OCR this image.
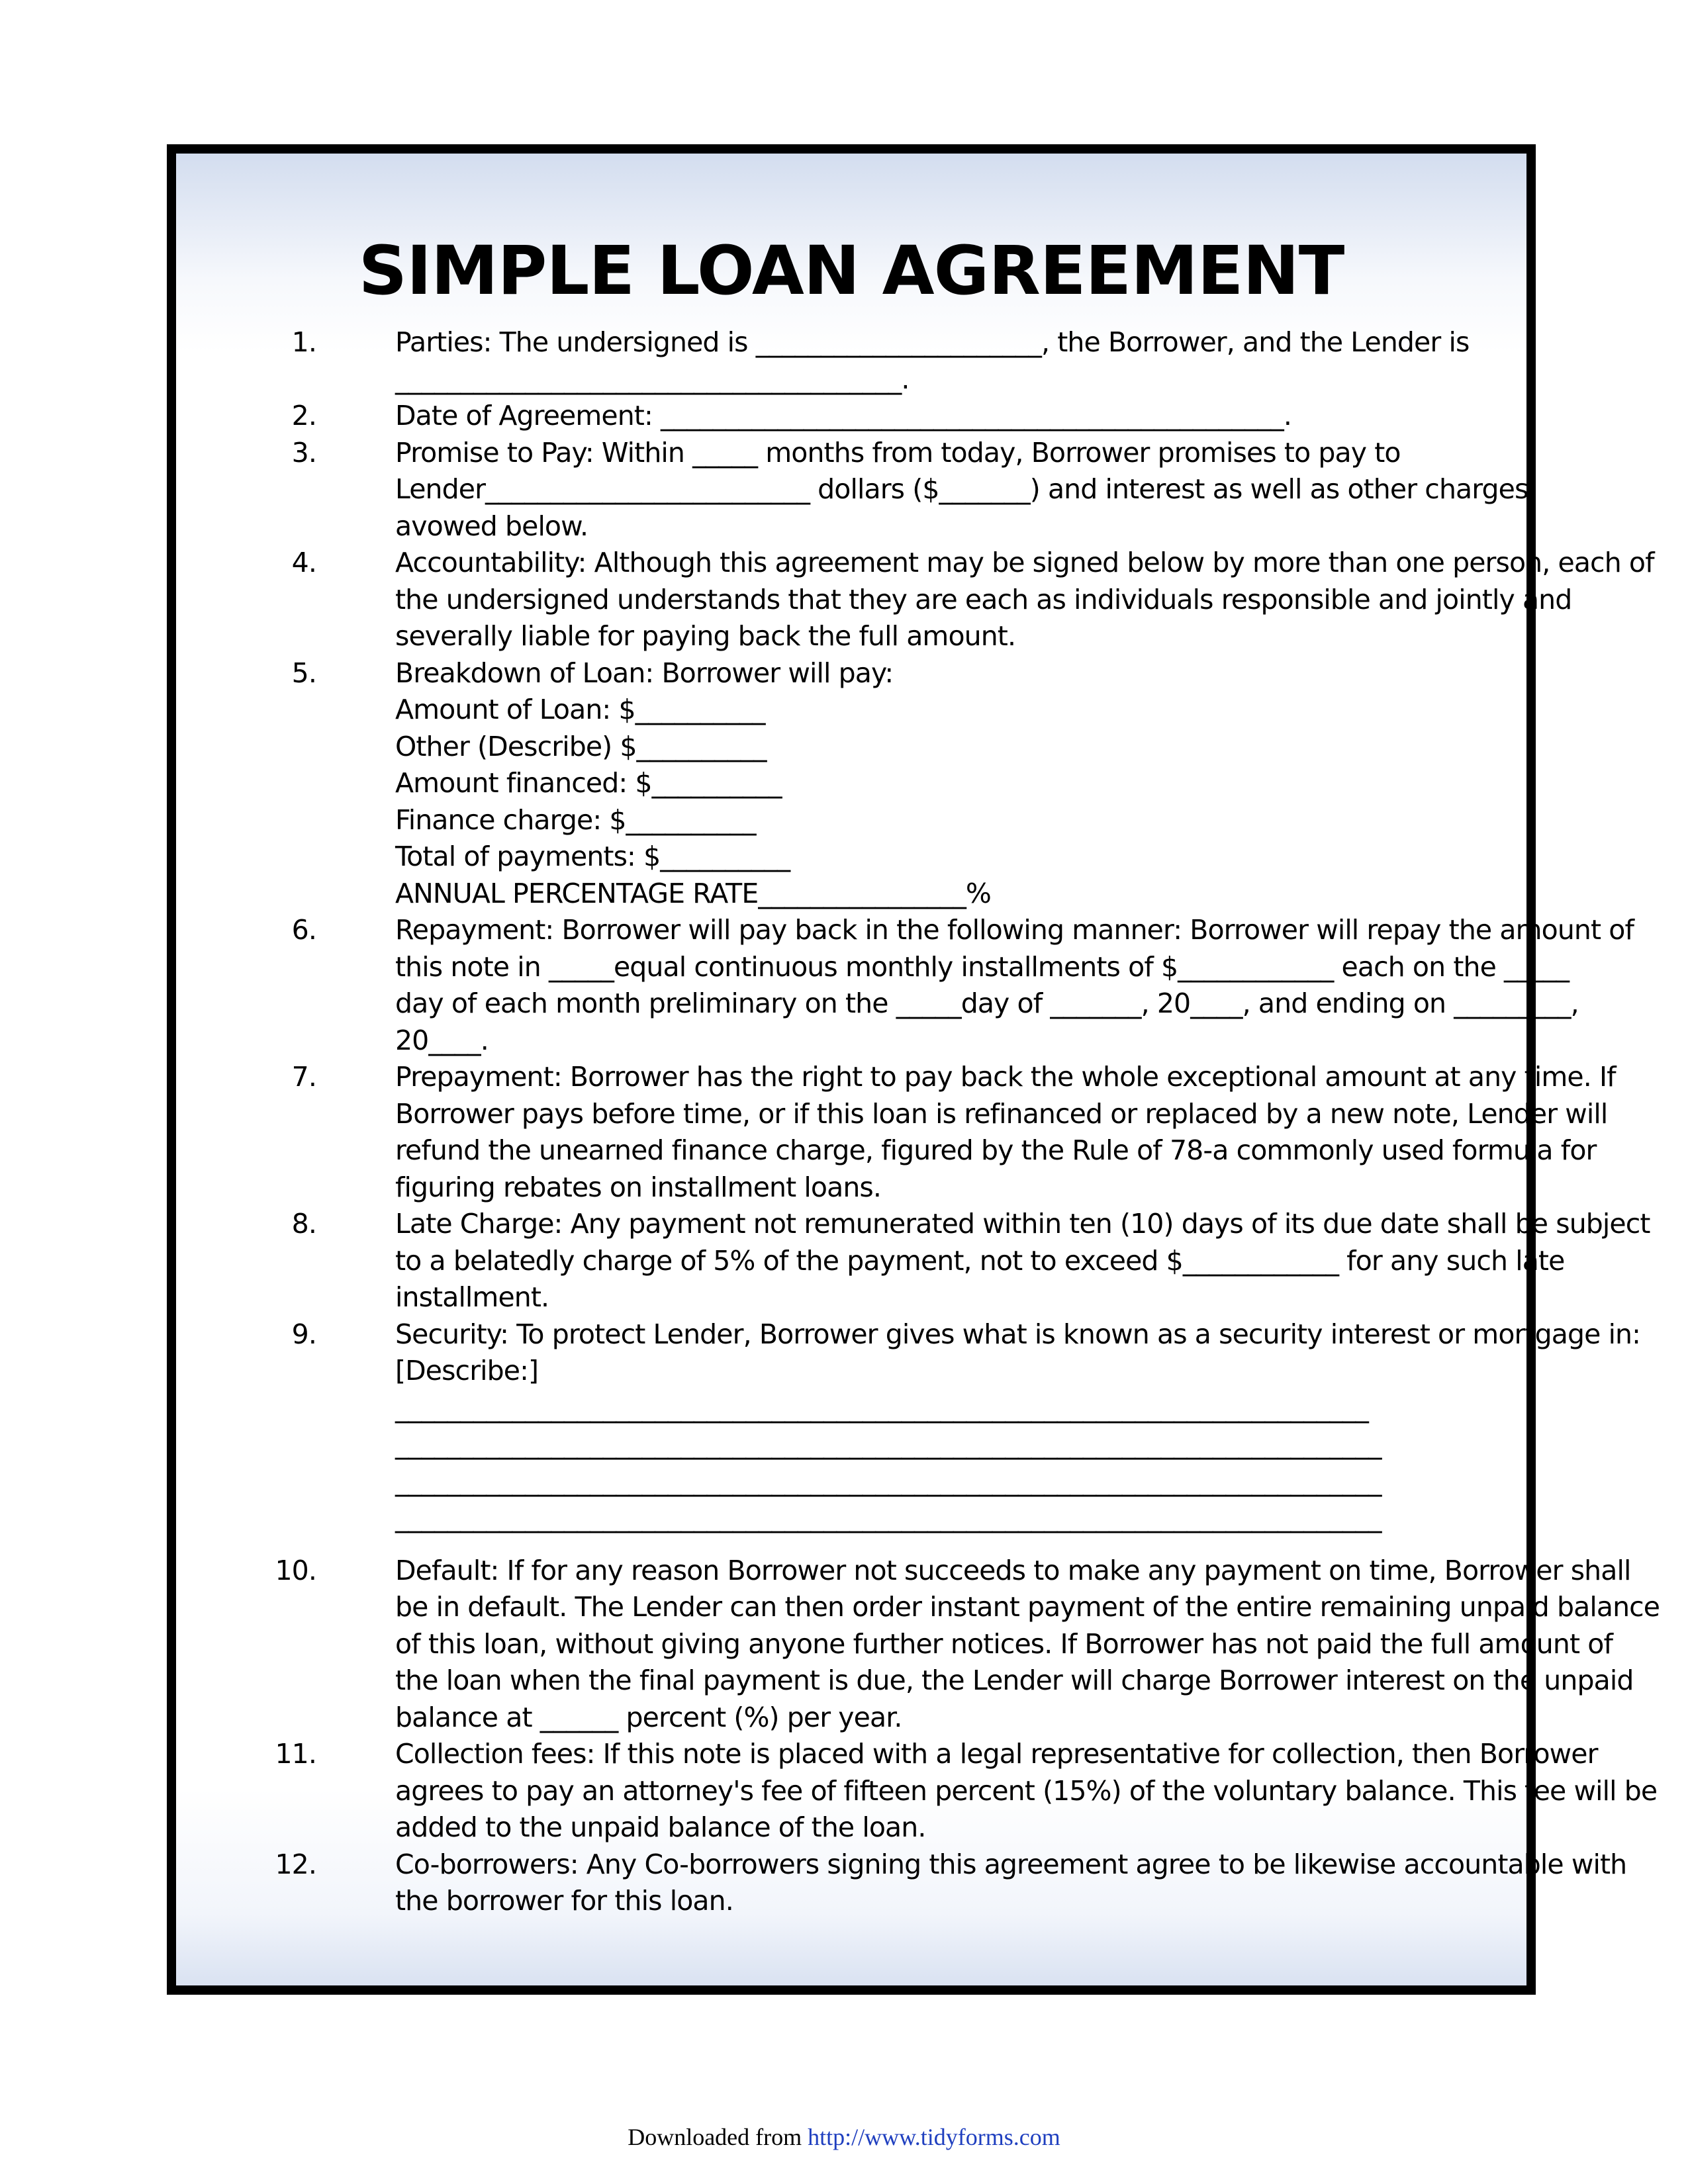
SIMPLE LOAN AGREEMENT
1.	Parties: The undersigned is ______________________, the Borrower, and the Lender is
_______________________________________.
2.	Date of Agreement: ________________________________________________.
3.	Promise to Pay: Within _____ months from today, Borrower promises to pay to
Lender_________________________ dollars ($_______) and interest as well as other charges
avowed below.
4.	Accountability: Although this agreement may be signed below by more than one person, each of
the undersigned understands that they are each as individuals responsible and jointly and
severally liable for paying back the full amount.
5.	Breakdown of Loan: Borrower will pay:
Amount of Loan: $__________
Other (Describe) $__________
Amount financed: $__________
Finance charge: $__________
Total of payments: $__________
ANNUAL PERCENTAGE RATE________________%
6.	Repayment: Borrower will pay back in the following manner: Borrower will repay the amount of
this note in _____equal continuous monthly installments of $____________ each on the _____
day of each month preliminary on the _____day of _______, 20____, and ending on _________,
20____.
7.	Prepayment: Borrower has the right to pay back the whole exceptional amount at any time. If
Borrower pays before time, or if this loan is refinanced or replaced by a new note, Lender will
refund the unearned finance charge, figured by the Rule of 78-a commonly used formula for
figuring rebates on installment loans.
8.	Late Charge: Any payment not remunerated within ten (10) days of its due date shall be subject
to a belatedly charge of 5% of the payment, not to exceed $____________ for any such late
installment.
9.	Security: To protect Lender, Borrower gives what is known as a security interest or mortgage in:
[Describe:]
___________________________________________________________________________
____________________________________________________________________________
____________________________________________________________________________
____________________________________________________________________________
10.	Default: If for any reason Borrower not succeeds to make any payment on time, Borrower shall
be in default. The Lender can then order instant payment of the entire remaining unpaid balance
of this loan, without giving anyone further notices. If Borrower has not paid the full amount of
the loan when the final payment is due, the Lender will charge Borrower interest on the unpaid
balance at ______ percent (%) per year.
11.	Collection fees: If this note is placed with a legal representative for collection, then Borrower
agrees to pay an attorney's fee of fifteen percent (15%) of the voluntary balance. This fee will be
added to the unpaid balance of the loan.
12.	Co-borrowers: Any Co-borrowers signing this agreement agree to be likewise accountable with
the borrower for this loan.
Downloaded from http://www.tidyforms.com
